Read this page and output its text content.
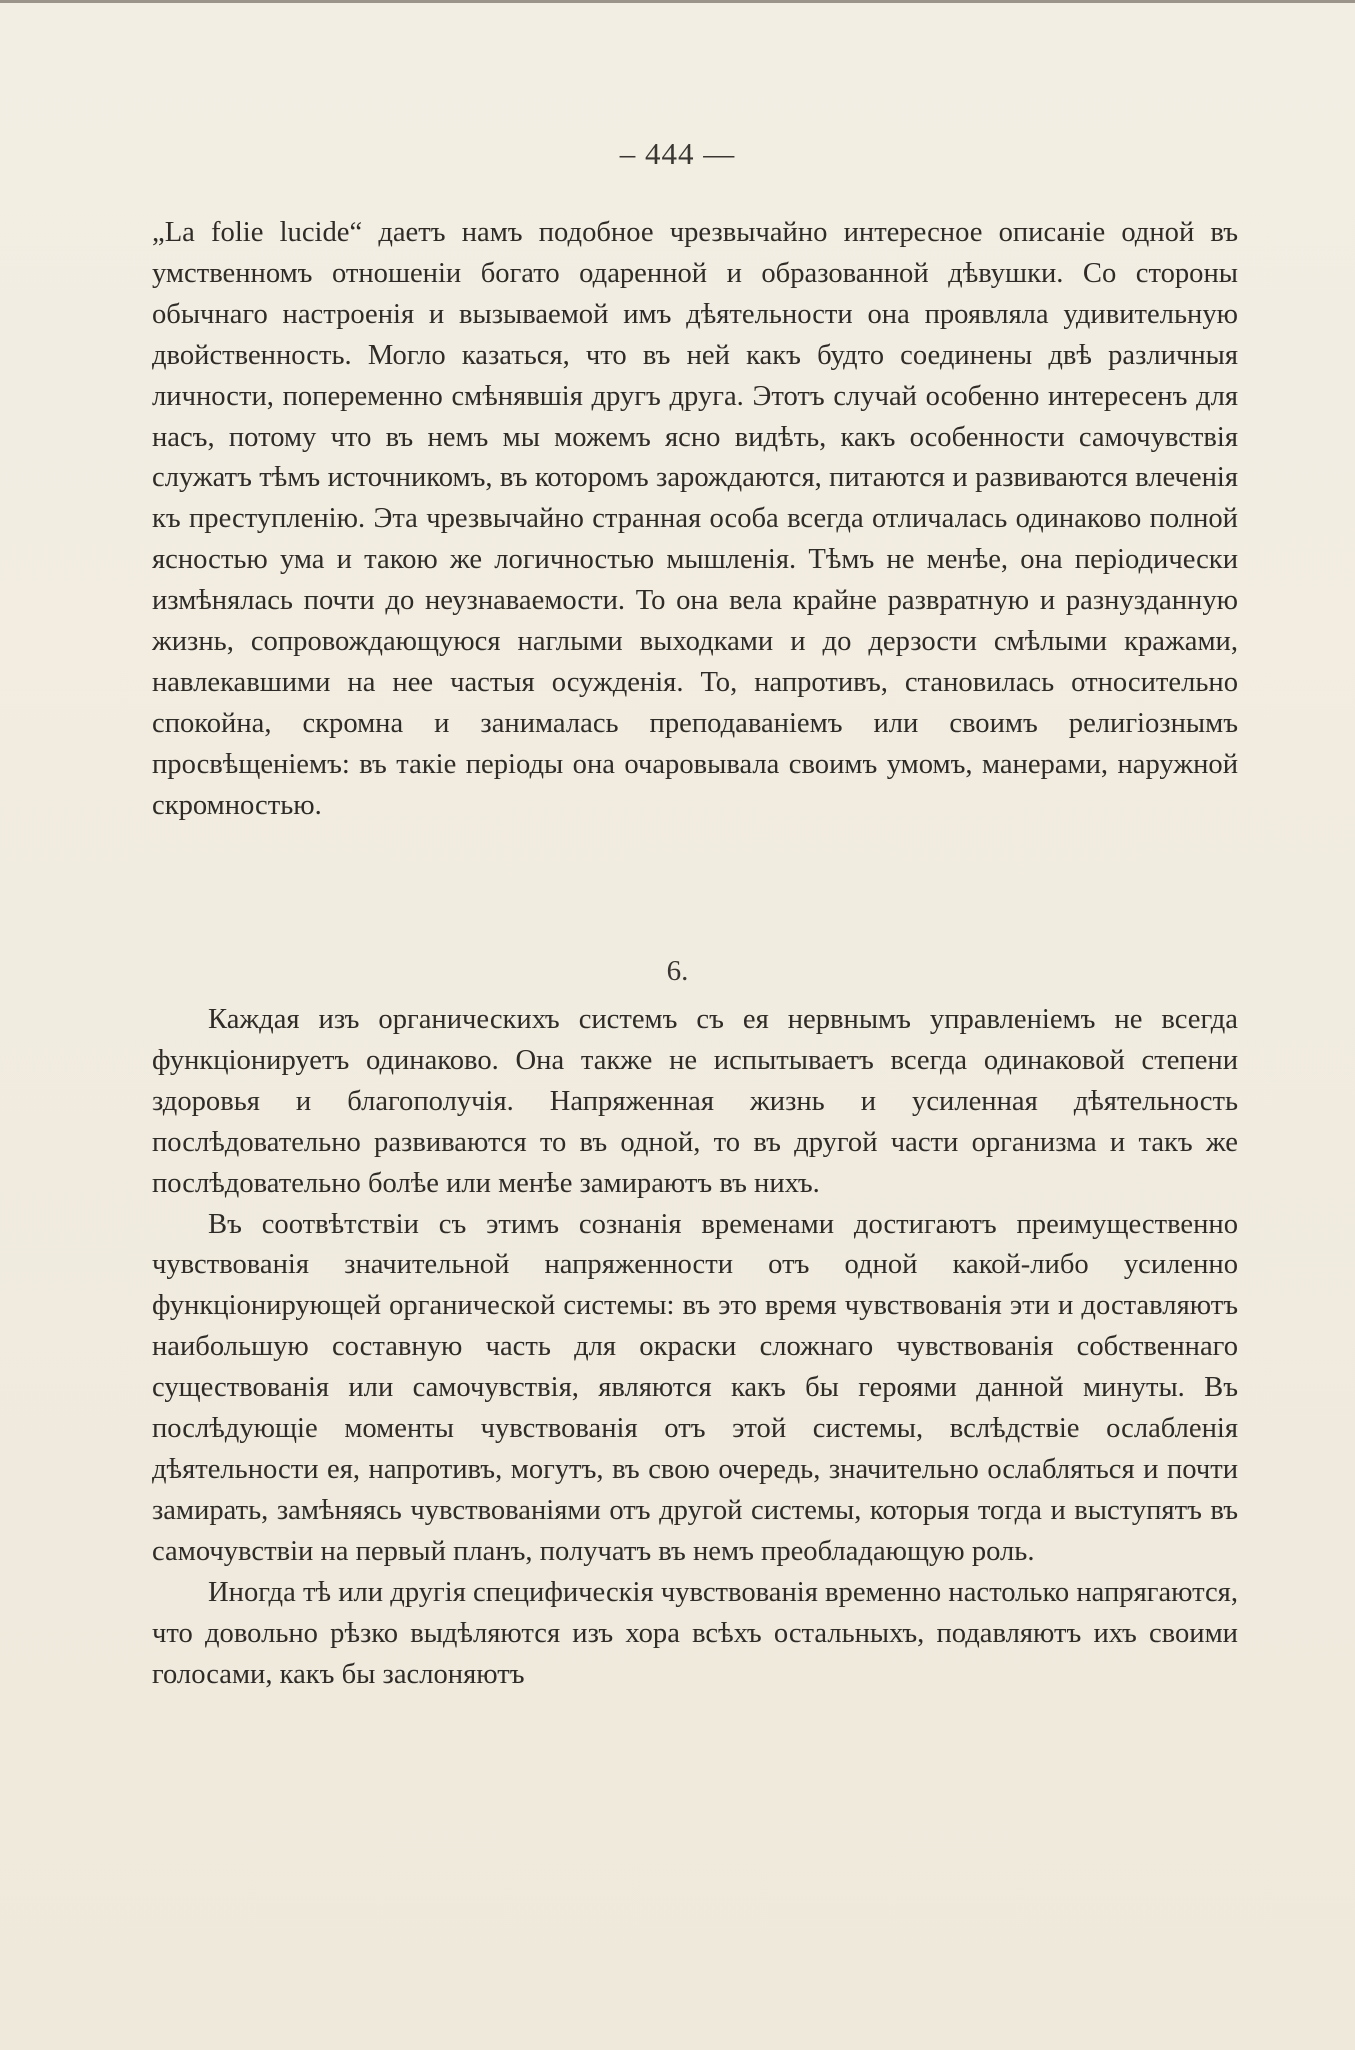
– 444 —

„La folie lucide“ даетъ намъ подобное чрезвычайно интересное описаніе одной въ умственномъ отношеніи богато одаренной и образованной дѣвушки. Со стороны обычнаго настроенія и вызываемой имъ дѣятельности она проявляла удивительную двойственность. Могло казаться, что въ ней какъ будто соединены двѣ различныя личности, попеременно смѣнявшія другъ друга. Этотъ случай особенно интересенъ для насъ, потому что въ немъ мы можемъ ясно видѣть, какъ особенности самочувствія служатъ тѣмъ источникомъ, въ которомъ зарождаются, питаются и развиваются влеченія къ преступленію. Эта чрезвычайно странная особа всегда отличалась одинаково полной ясностью ума и такою же логичностью мышленія. Тѣмъ не менѣе, она періодически измѣнялась почти до неузнаваемости. То она вела крайне развратную и разнузданную жизнь, сопровождающуюся наглыми выходками и до дерзости смѣлыми кражами, навлекавшими на нее частыя осужденія. То, напротивъ, становилась относительно спокойна, скромна и занималась преподаваніемъ или своимъ религіознымъ просвѣщеніемъ: въ такіе періоды она очаровывала своимъ умомъ, манерами, наружной скромностью.

6.

Каждая изъ органическихъ системъ съ ея нервнымъ управленіемъ не всегда функціонируетъ одинаково. Она также не испытываетъ всегда одинаковой степени здоровья и благополучія. Напряженная жизнь и усиленная дѣятельность послѣдовательно развиваются то въ одной, то въ другой части организма и такъ же послѣдовательно болѣе или менѣе замираютъ въ нихъ.

Въ соотвѣтствіи съ этимъ сознанія временами достигаютъ преимущественно чувствованія значительной напряженности отъ одной какой-либо усиленно функціонирующей органической системы: въ это время чувствованія эти и доставляютъ наибольшую составную часть для окраски сложнаго чувствованія собственнаго существованія или самочувствія, являются какъ бы героями данной минуты. Въ послѣдующіе моменты чувствованія отъ этой системы, вслѣдствіе ослабленія дѣятельности ея, напротивъ, могутъ, въ свою очередь, значительно ослабляться и почти замирать, замѣняясь чувствованіями отъ другой системы, которыя тогда и выступятъ въ самочувствіи на первый планъ, получатъ въ немъ преобладающую роль.

Иногда тѣ или другія специфическія чувствованія временно настолько напрягаются, что довольно рѣзко выдѣляются изъ хора всѣхъ остальныхъ, подавляютъ ихъ своими голосами, какъ бы заслоняютъ
